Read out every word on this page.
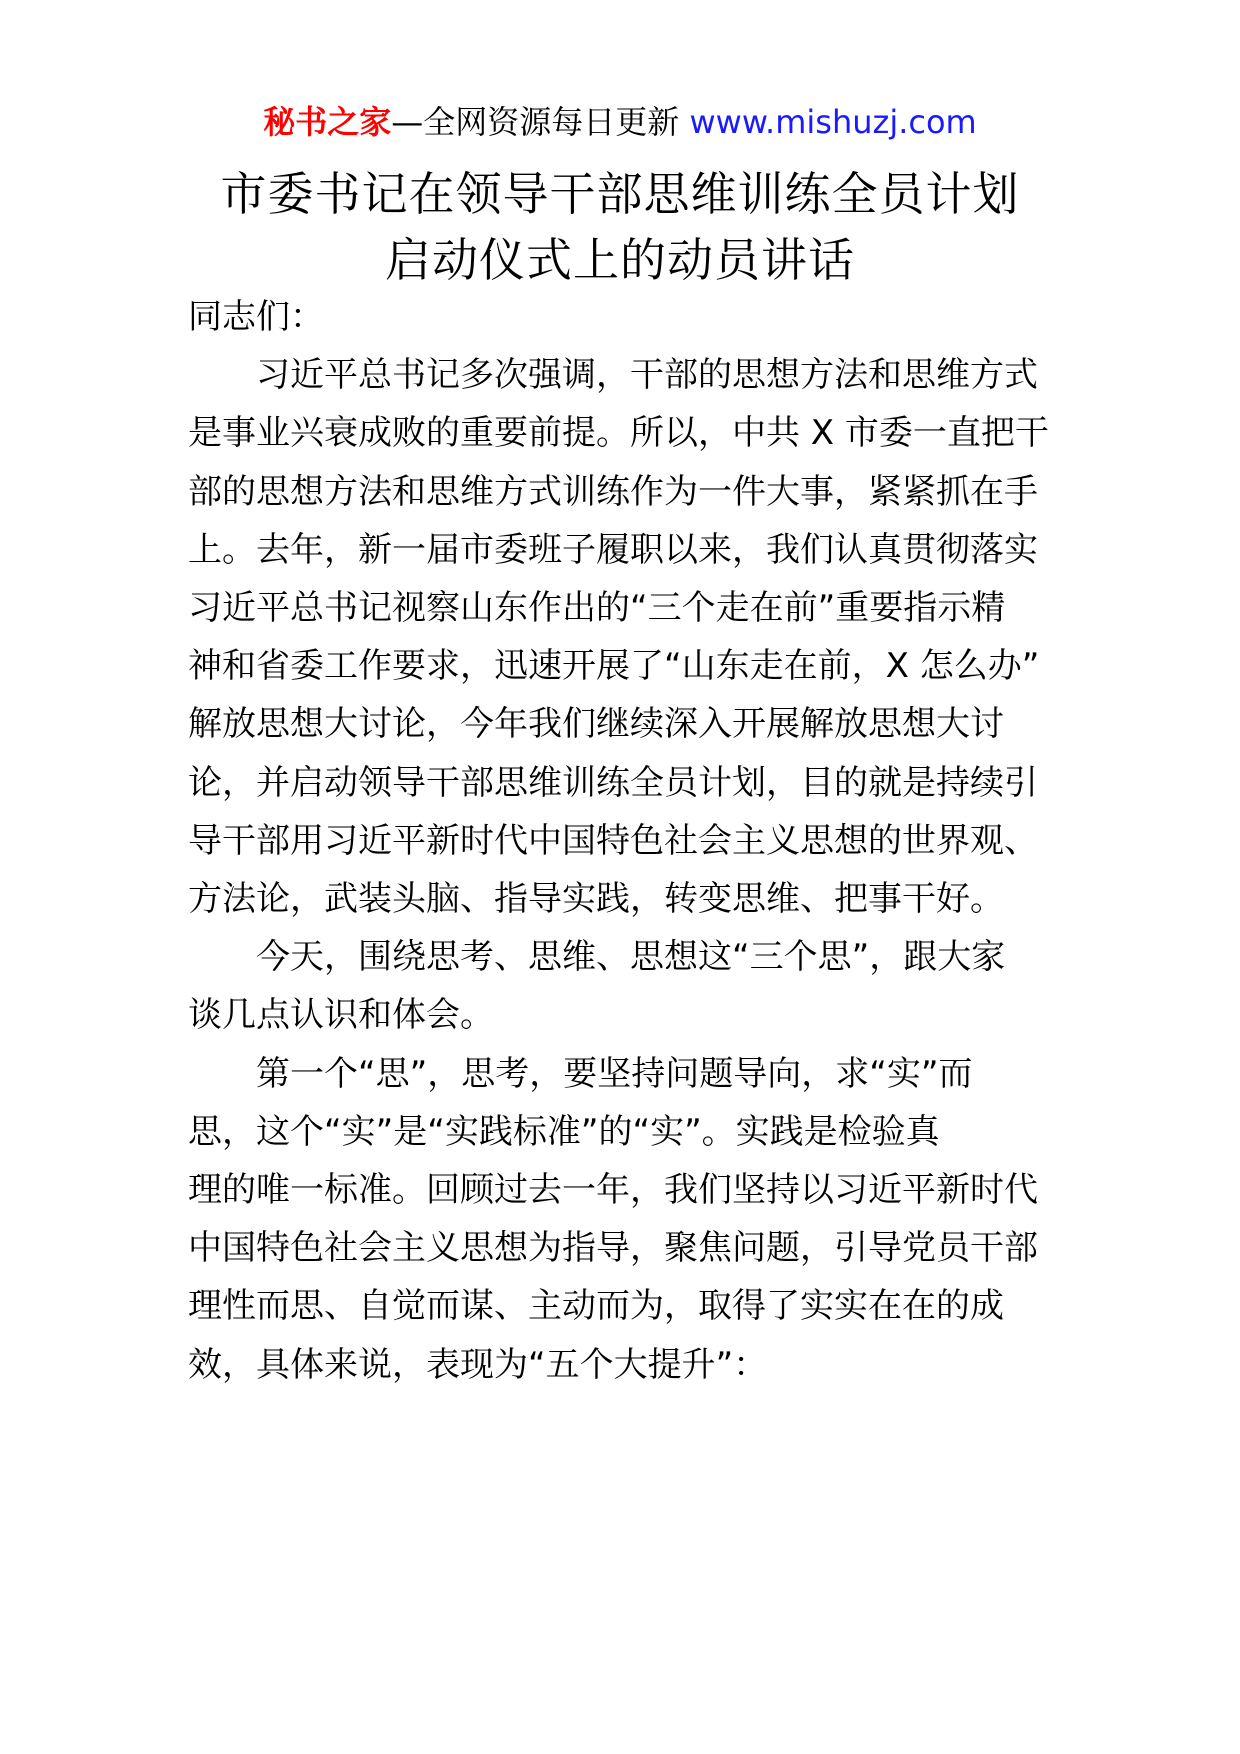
秘书之家—全网资源每日更新 www.mishuzj.com
市委书记在领导干部思维训练全员计划
启动仪式上的动员讲话
同志们：
　　习近平总书记多次强调，干部的思想方法和思维方式
是事业兴衰成败的重要前提。所以，中共 X 市委一直把干
部的思想方法和思维方式训练作为一件大事，紧紧抓在手
上。去年，新一届市委班子履职以来，我们认真贯彻落实
习近平总书记视察山东作出的“三个走在前”重要指示精
神和省委工作要求，迅速开展了“山东走在前，X 怎么办”
解放思想大讨论，今年我们继续深入开展解放思想大讨
论，并启动领导干部思维训练全员计划，目的就是持续引
导干部用习近平新时代中国特色社会主义思想的世界观、
方法论，武装头脑、指导实践，转变思维、把事干好。
　　今天，围绕思考、思维、思想这“三个思”，跟大家
谈几点认识和体会。
　　第一个“思”，思考，要坚持问题导向，求“实”而
思，这个“实”是“实践标准”的“实”。实践是检验真
理的唯一标准。回顾过去一年，我们坚持以习近平新时代
中国特色社会主义思想为指导，聚焦问题，引导党员干部
理性而思、自觉而谋、主动而为，取得了实实在在的成
效，具体来说，表现为“五个大提升”：
